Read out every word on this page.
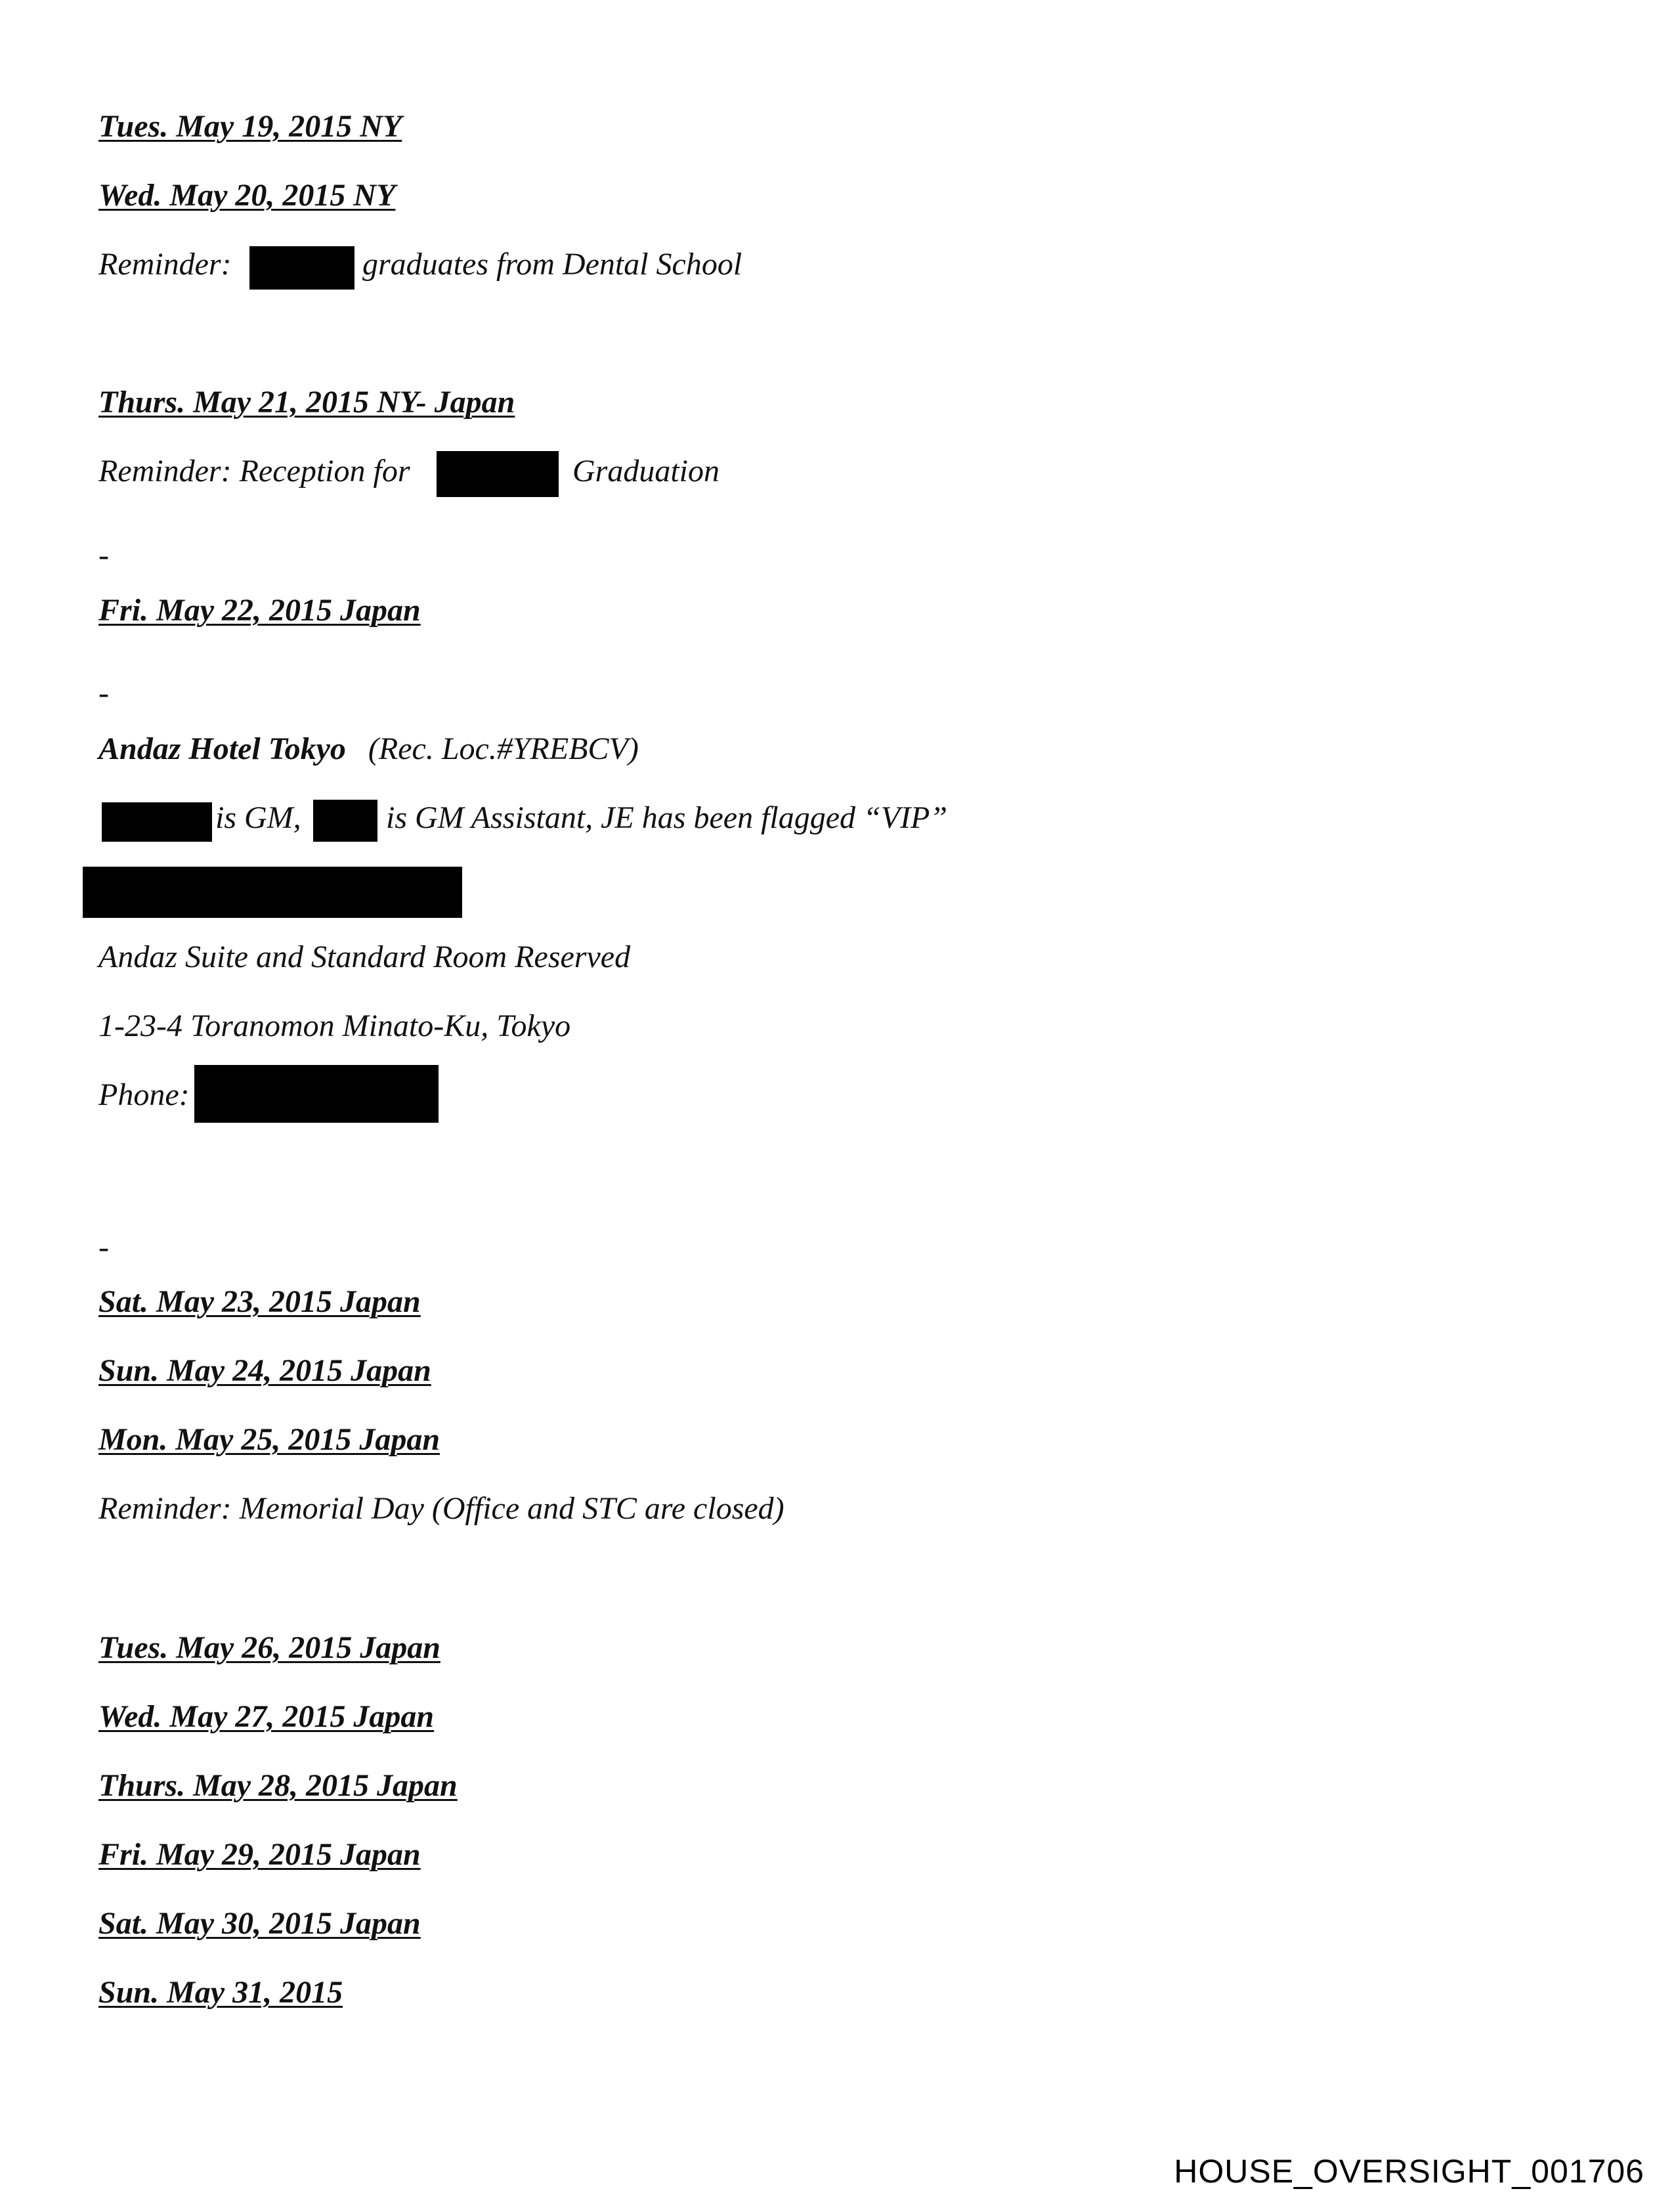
Tues. May 19, 2015 NY
Wed. May 20, 2015 NY
Reminder:	graduates from Dental School
Thurs. May 21, 2015 NY- Japan
Reminder: Reception for	Graduation
-
Fri. May 22, 2015 Japan
-
Andaz Hotel Tokyo (Rec. Loc.#YREBCV)
is GM,	is GM Assistant, JE has been flagged “VIP”
Andaz Suite and Standard Room Reserved
1-23-4 Toranomon Minato-Ku, Tokyo
Phone:
-
Sat. May 23, 2015 Japan
Sun. May 24, 2015 Japan
Mon. May 25, 2015 Japan
Reminder: Memorial Day (Office and STC are closed)
Tues. May 26, 2015 Japan
Wed. May 27, 2015 Japan
Thurs. May 28, 2015 Japan
Fri. May 29, 2015 Japan
Sat. May 30, 2015 Japan
Sun. May 31, 2015
HOUSE_OVERSIGHT_001706
